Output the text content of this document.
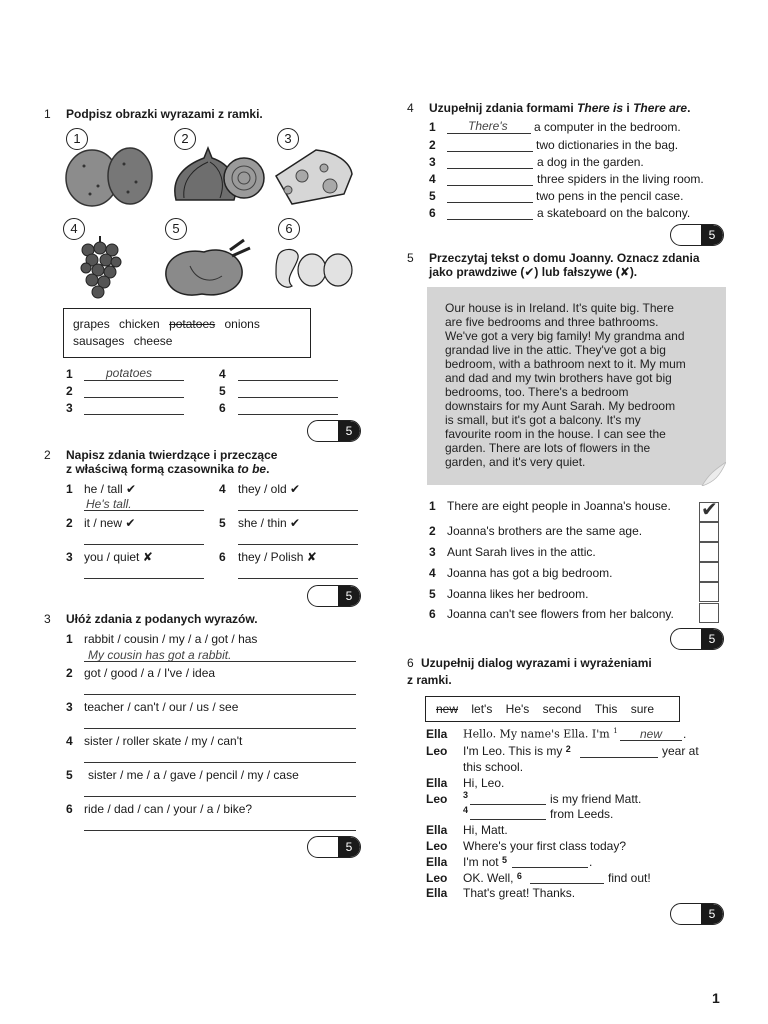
1 Podpisz obrazki wyrazami z ramki.
1	2	3
4	5	6
grapes chicken potatoes onions
sausages cheese
1	potatoes
2
3
4
5
6
5
2 Napisz zdania twierdzące i przeczące
z właściwą formą czasownika to be.
1 he / tall ✔
He's tall.
2 it / new ✔
3 you / quiet ✘
4 they / old ✔
5 she / thin ✔
6 they / Polish ✘
5
3 Ułóż zdania z podanych wyrazów.
1 rabbit / cousin / my / a / got / has
My cousin has got a rabbit.
2 got / good / a / I've / idea
3 teacher / can't / our / us / see
4 sister / roller skate / my / can't
5 sister / me / a / gave / pencil / my / case
6 ride / dad / can / your / a / bike?
5
4 Uzupełnij zdania formami There is i There are.
1	There's a computer in the bedroom.
2	two dictionaries in the bag.
3	a dog in the garden.
4	three spiders in the living room.
5	two pens in the pencil case.
6	a skateboard on the balcony.
5
5 Przeczytaj tekst o domu Joanny. Oznacz zdania
jako prawdziwe (✔) lub fałszywe (✘).

Our house is in Ireland. It's quite big. There

are five bedrooms and three bathrooms.

We've got a very big family! My grandma and

grandad live in the attic. They've got a big

bedroom, with a bathroom next to it. My mum

and dad and my twin brothers have got big

bedrooms, too. There's a bedroom

downstairs for my Aunt Sarah. My bedroom

is small, but it's got a balcony. It's my

favourite room in the house. I can see the

garden. There are lots of flowers in the

garden, and it's very quiet.

1 There are eight people in Joanna's house. ✔
2 Joanna's brothers are the same age.
3 Aunt Sarah lives in the attic.
4 Joanna has got a big bedroom.
5 Joanna likes her bedroom.
6 Joanna can't see flowers from her balcony.
5
6 Uzupełnij dialog wyrazami i wyrażeniami
z ramki.
new let's He's second This sure
Ella Hello. My name's Ella. I'm $^1$ new .
Leo I'm Leo. This is my $^2$	year at
this school.
Ella Hi, Leo.
Leo 3	is my friend Matt.
4	from Leeds.
Ella Hi, Matt.
Leo Where's your first class today?
Ella I'm not $^5$	.
Leo OK. Well, $^6$	find out!
Ella That's great! Thanks.
5
1
